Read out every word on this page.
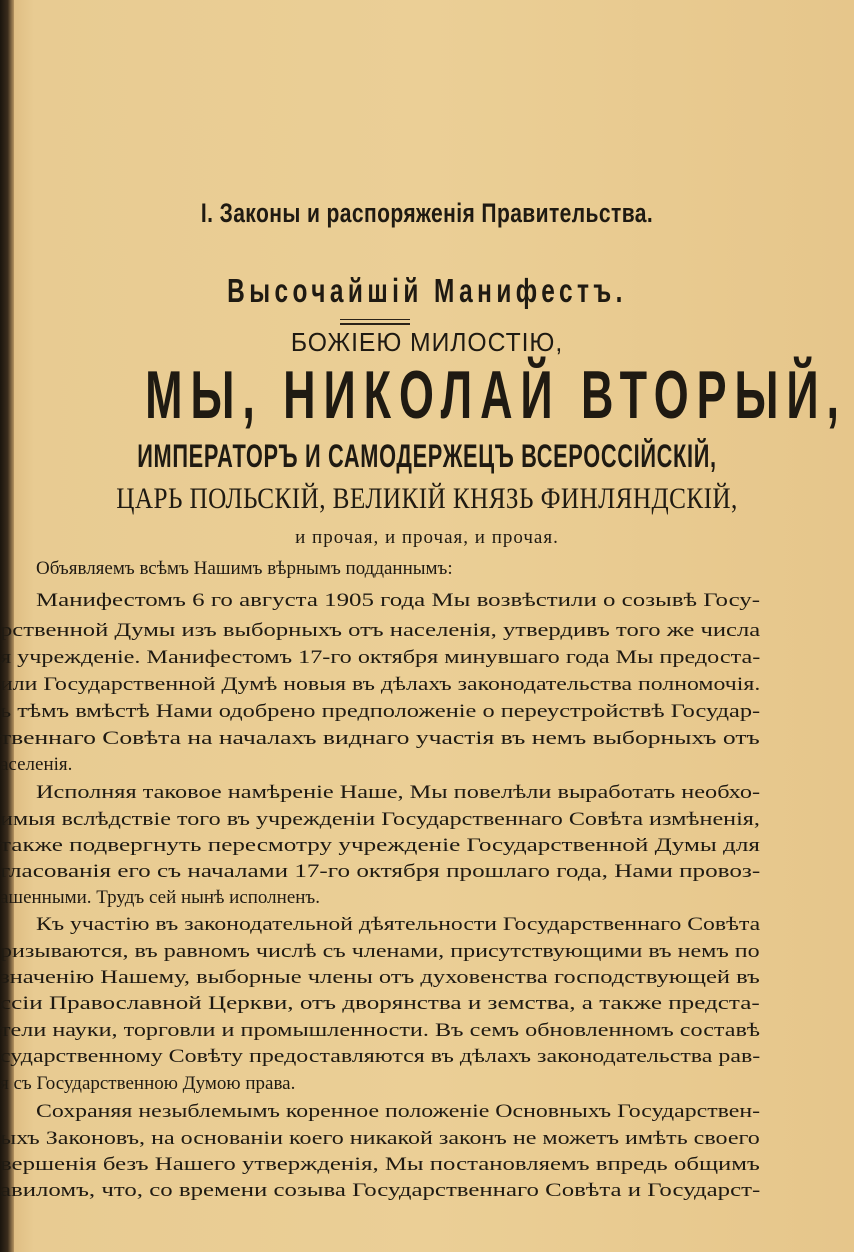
I. Законы и распоряженія Правительства.
Высочайшій Манифестъ.
БОЖІЕЮ МИЛОСТІЮ,
МЫ, НИКОЛАЙ ВТОРЫЙ,
ИМПЕРАТОРЪ И САМОДЕРЖЕЦЪ ВСЕРОССІЙСКІЙ,
ЦАРЬ ПОЛЬСКІЙ, ВЕЛИКІЙ КНЯЗЬ ФИНЛЯНДСКІЙ,
и прочая, и прочая, и прочая.
Объявляемъ всѣмъ Нашимъ вѣрнымъ подданнымъ:
Манифестомъ 6 го августа 1905 года Мы возвѣстили о созывѣ Госу-
рственной Думы изъ выборныхъ отъ населенія, утвердивъ того же числа
я учрежденіе. Манифестомъ 17-го октября минувшаго года Мы предоста-
или Государственной Думѣ новыя въ дѣлахъ законодательства полномочія.
ь тѣмъ вмѣстѣ Нами одобрено предположеніе о переустройствѣ Государ-
твеннаго Совѣта на началахъ виднаго участія въ немъ выборныхъ отъ
аселенія.
Исполняя таковое намѣреніе Наше, Мы повелѣли выработать необхо-
имыя вслѣдствіе того въ учрежденіи Государственнаго Совѣта измѣненія,
также подвергнуть пересмотру учрежденіе Государственной Думы для
гласованія его съ началами 17-го октября прошлаго года, Нами провоз-
ашенными. Трудъ сей нынѣ исполненъ.
Къ участію въ законодательной дѣятельности Государственнаго Совѣта
ризываются, въ равномъ числѣ съ членами, присутствующими въ немъ по
значенію Нашему, выборные члены отъ духовенства господствующей въ
ссіи Православной Церкви, отъ дворянства и земства, а также предста-
тели науки, торговли и промышленности. Въ семъ обновленномъ составѣ
сударственному Совѣту предоставляются въ дѣлахъ законодательства рав-
я съ Государственною Думою права.
Сохраняя незыблемымъ коренное положеніе Основныхъ Государствен-
ыхъ Законовъ, на основаніи коего никакой законъ не можетъ имѣть своего
вершенія безъ Нашего утвержденія, Мы постановляемъ впредь общимъ
авиломъ, что, со времени созыва Государственнаго Совѣта и Государст-
